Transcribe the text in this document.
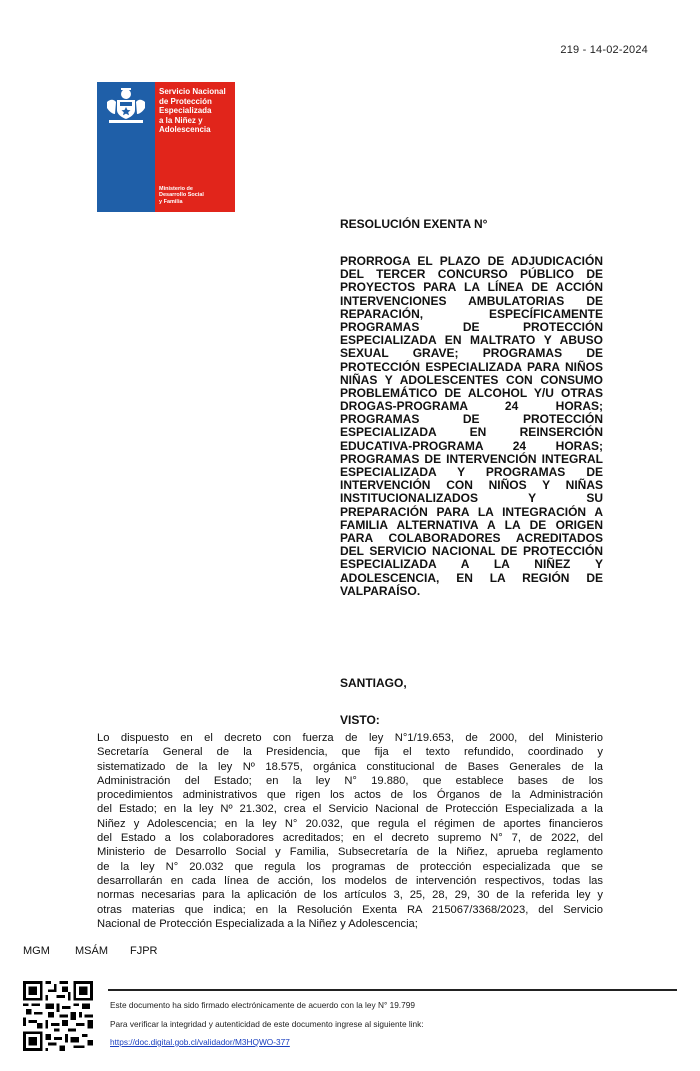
219 - 14-02-2024
Servicio Nacional
de Protección
Especializada
a la Niñez y
Adolescencia
Ministerio de
Desarrollo Social
y Familia
RESOLUCIÓN EXENTA N°
PRORROGA EL PLAZO DE ADJUDICACIÓN
DEL TERCER CONCURSO PÚBLICO DE
PROYECTOS PARA LA LÍNEA DE ACCIÓN
INTERVENCIONES AMBULATORIAS DE
REPARACIÓN, ESPECÍFICAMENTE
PROGRAMAS DE PROTECCIÓN
ESPECIALIZADA EN MALTRATO Y ABUSO
SEXUAL GRAVE; PROGRAMAS DE
PROTECCIÓN ESPECIALIZADA PARA NIÑOS
NIÑAS Y ADOLESCENTES CON CONSUMO
PROBLEMÁTICO DE ALCOHOL Y/U OTRAS
DROGAS-PROGRAMA 24 HORAS;
PROGRAMAS DE PROTECCIÓN
ESPECIALIZADA EN REINSERCIÓN
EDUCATIVA-PROGRAMA 24 HORAS;
PROGRAMAS DE INTERVENCIÓN INTEGRAL
ESPECIALIZADA Y PROGRAMAS DE
INTERVENCIÓN CON NIÑOS Y NIÑAS
INSTITUCIONALIZADOS Y SU
PREPARACIÓN PARA LA INTEGRACIÓN A
FAMILIA ALTERNATIVA A LA DE ORIGEN
PARA COLABORADORES ACREDITADOS
DEL SERVICIO NACIONAL DE PROTECCIÓN
ESPECIALIZADA A LA NIÑEZ Y
ADOLESCENCIA, EN LA REGIÓN DE
VALPARAÍSO.
SANTIAGO,
VISTO:
Lo dispuesto en el decreto con fuerza de ley N°1/19.653, de 2000, del Ministerio
Secretaría General de la Presidencia, que fija el texto refundido, coordinado y
sistematizado de la ley Nº 18.575, orgánica constitucional de Bases Generales de la
Administración del Estado; en la ley N° 19.880, que establece bases de los
procedimientos administrativos que rigen los actos de los Órganos de la Administración
del Estado; en la ley Nº 21.302, crea el Servicio Nacional de Protección Especializada a la
Niñez y Adolescencia; en la ley N° 20.032, que regula el régimen de aportes financieros
del Estado a los colaboradores acreditados; en el decreto supremo N° 7, de 2022, del
Ministerio de Desarrollo Social y Familia, Subsecretaría de la Niñez, aprueba reglamento
de la ley N° 20.032 que regula los programas de protección especializada que se
desarrollarán en cada línea de acción, los modelos de intervención respectivos, todas las
normas necesarias para la aplicación de los artículos 3, 25, 28, 29, 30 de la referida ley y
otras materias que indica; en la Resolución Exenta RA 215067/3368/2023, del Servicio
Nacional de Protección Especializada a la Niñez y Adolescencia;
MGM MSÁM FJPR
Este documento ha sido firmado electrónicamente de acuerdo con la ley N° 19.799
Para verificar la integridad y autenticidad de este documento ingrese al siguiente link:
https://doc.digital.gob.cl/validador/M3HQWO-377
